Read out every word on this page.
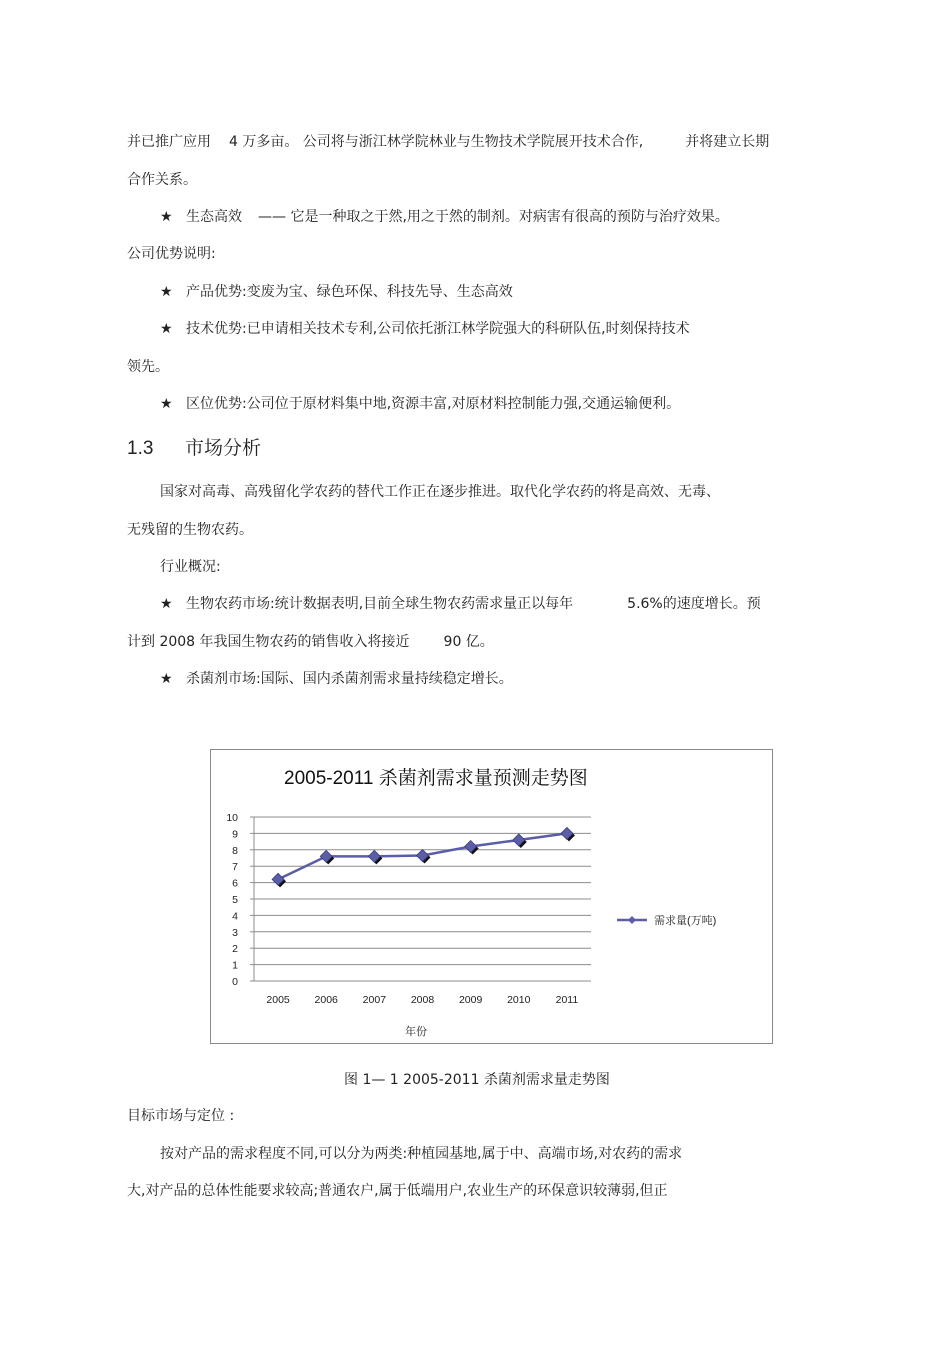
并已推广应用 4 万多亩。 公司将与浙江林学院林业与生物技术学院展开技术合作,	并将建立长期
合作关系。
★ 生态高效 —— 它是一种取之于然,用之于然的制剂。对病害有很高的预防与治疗效果。
公司优势说明:
★ 产品优势:变废为宝、绿色环保、科技先导、生态高效
★ 技术优势:已申请相关技术专利,公司依托浙江林学院强大的科研队伍,时刻保持技术
领先。
★ 区位优势:公司位于原材料集中地,资源丰富,对原材料控制能力强,交通运输便利。
1.3 市场分析
国家对高毒、高残留化学农药的替代工作正在逐步推进。取代化学农药的将是高效、无毒、
无残留的生物农药。
行业概况:
★ 生物农药市场:统计数据表明,目前全球生物农药需求量正以每年	5.6%的速度增长。预
计到 2008 年我国生物农药的销售收入将接近 90 亿。
★ 杀菌剂市场:国际、国内杀菌剂需求量持续稳定增长。
2005-2011 杀菌剂需求量预测走势图
0
1
2
3
4
5
6
7
8
9
10
2005 2006 2007 2008 2009 2010 2011
年份
需求量(万吨)
图 1— 1 2005-2011 杀菌剂需求量走势图
目标市场与定位 :
按对产品的需求程度不同,可以分为两类:种植园基地,属于中、高端市场,对农药的需求
大,对产品的总体性能要求较高;普通农户,属于低端用户,农业生产的环保意识较薄弱,但正
